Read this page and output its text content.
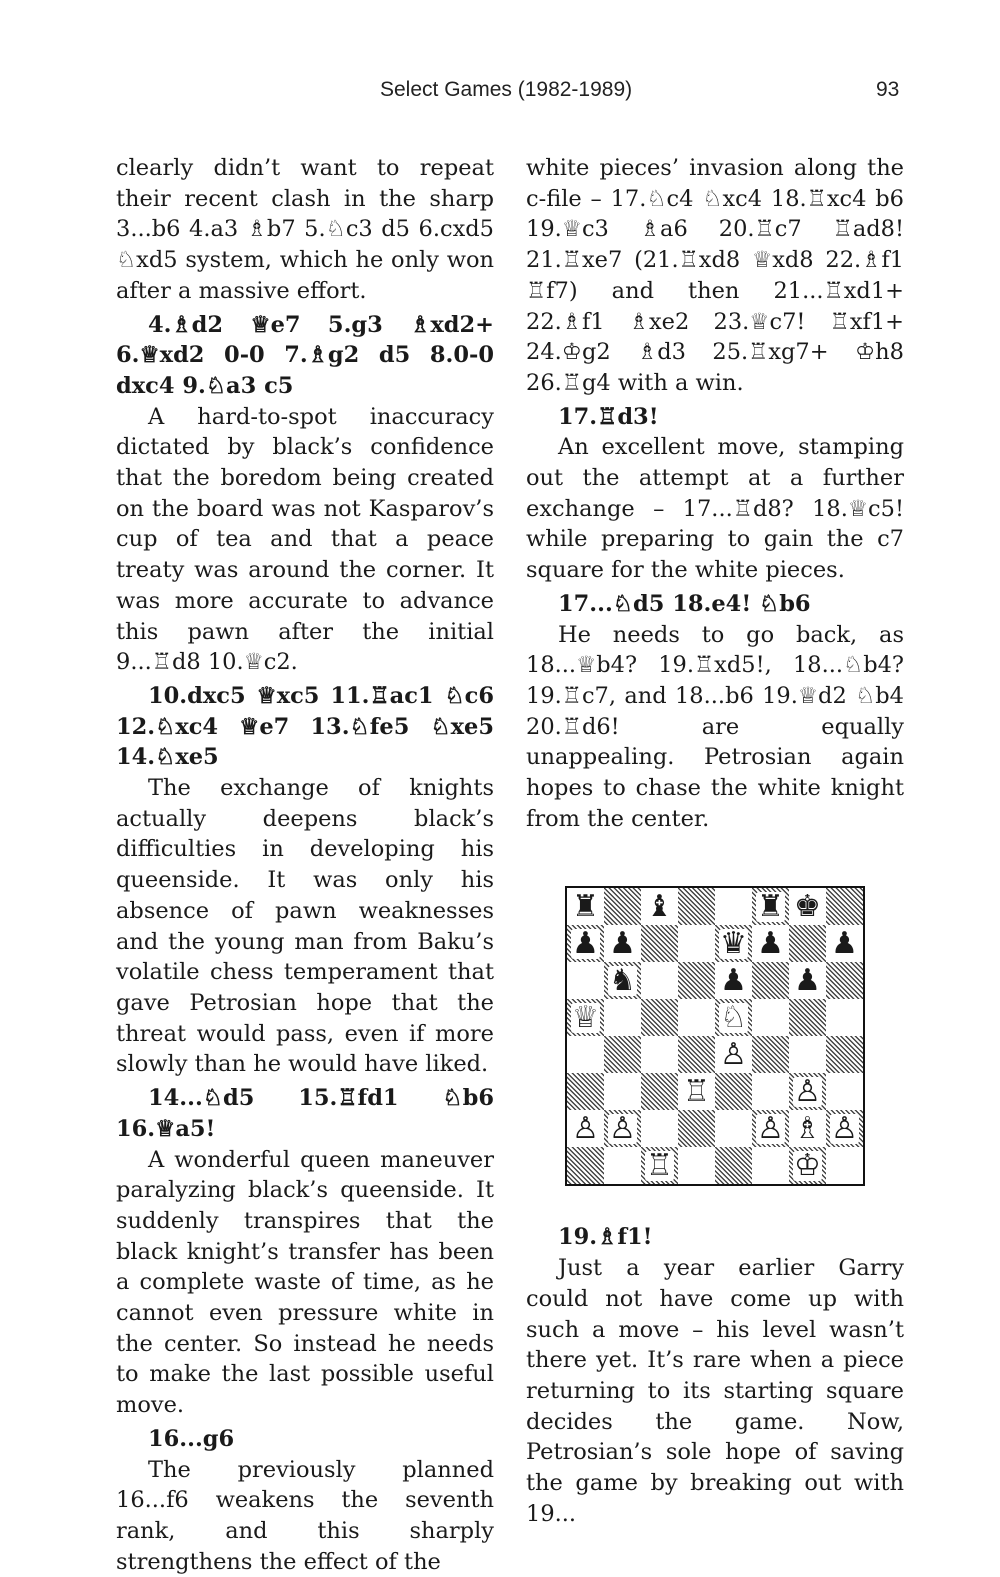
Select Games (1982-1989)	93

clearly didn’t want to repeat their recent clash in the sharp 3...b6 4.a3 ♗b7 5.♘c3 d5 6.cxd5 ♘xd5 system, which he only won after a massive effort.

4.♗d2 ♕e7 5.g3 ♗xd2+ 6.♕xd2 0-0 7.♗g2 d5 8.0-0 dxc4 9.♘a3 c5

A hard-to-spot inaccuracy dictated by black’s confidence that the boredom being created on the board was not Kasparov’s cup of tea and that a peace treaty was around the corner. It was more accurate to advance this pawn after the initial 9...♖d8 10.♕c2.

10.dxc5 ♕xc5 11.♖ac1 ♘c6 12.♘xc4 ♕e7 13.♘fe5 ♘xe5 14.♘xe5

The exchange of knights actually deepens black’s difficulties in developing his queenside. It was only his absence of pawn weaknesses and the young man from Baku’s volatile chess temperament that gave Petrosian hope that the threat would pass, even if more slowly than he would have liked.

14...♘d5 15.♖fd1 ♘b6 16.♕a5!

A wonderful queen maneuver paralyzing black’s queenside. It suddenly transpires that the black knight’s transfer has been a complete waste of time, as he cannot even pressure white in the center. So instead he needs to make the last possible useful move.

16...g6

The previously planned 16...f6 weakens the seventh rank, and this sharply strengthens the effect of the

white pieces’ invasion along the c-file – 17.♘c4 ♘xc4 18.♖xc4 b6 19.♕c3 ♗a6 20.♖c7 ♖ad8! 21.♖xe7 (21.♖xd8 ♕xd8 22.♗f1 ♖f7) and then 21...♖xd1+ 22.♗f1 ♗xe2 23.♕c7! ♖xf1+ 24.♔g2 ♗d3 25.♖xg7+ ♔h8 26.♖g4 with a win.

17.♖d3!

An excellent move, stamping out the attempt at a further exchange – 17...♖d8? 18.♕c5! while preparing to gain the c7 square for the white pieces.

17...♘d5 18.e4! ♘b6

He needs to go back, as 18...♕b4? 19.♖xd5!, 18...♘b4? 19.♖c7, and 18...b6 19.♕d2 ♘b4 20.♖d6! are equally unappealing. Petrosian again hopes to chase the white knight from the center.

♜ ♝	♜ ♚
♟ ♟	♛ ♟ ♟
♞	♟ ♟
♕	♘
♙
♖	♙
♙ ♙	♙ ♗ ♙
♖	♔

19.♗f1!

Just a year earlier Garry could not have come up with such a move – his level wasn’t there yet. It’s rare when a piece returning to its starting square decides the game. Now, Petrosian’s sole hope of saving the game by breaking out with 19...
